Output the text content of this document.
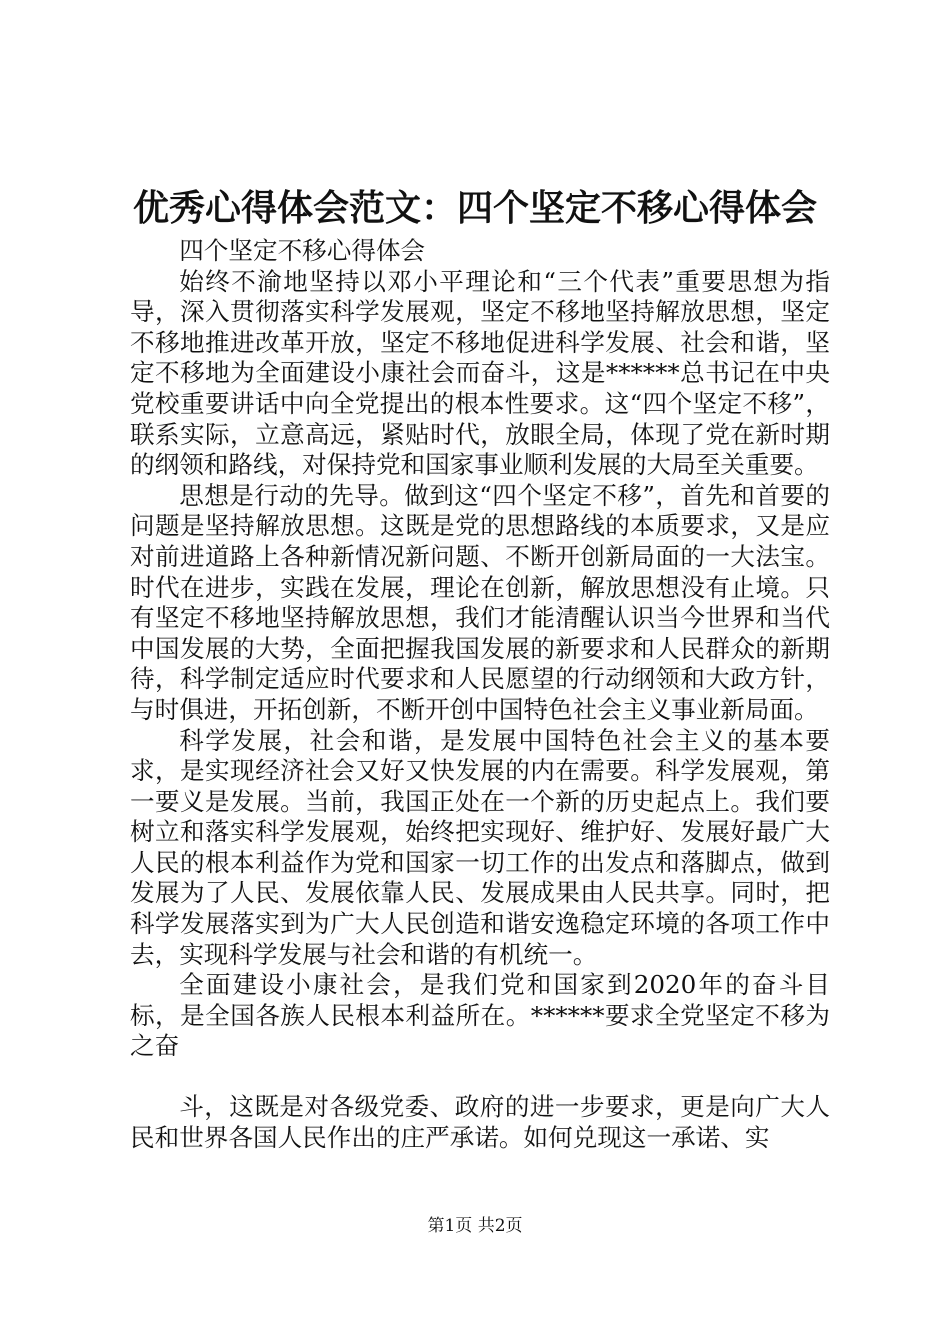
优秀心得体会范文：四个坚定不移心得体会

四个坚定不移心得体会

始终不渝地坚持以邓小平理论和“三个代表”重要思想为指导，深入贯彻落实科学发展观，坚定不移地坚持解放思想，坚定不移地推进改革开放，坚定不移地促进科学发展、社会和谐，坚定不移地为全面建设小康社会而奋斗，这是******总书记在中央党校重要讲话中向全党提出的根本性要求。这“四个坚定不移”，联系实际，立意高远，紧贴时代，放眼全局，体现了党在新时期的纲领和路线，对保持党和国家事业顺利发展的大局至关重要。

思想是行动的先导。做到这“四个坚定不移”，首先和首要的问题是坚持解放思想。这既是党的思想路线的本质要求，又是应对前进道路上各种新情况新问题、不断开创新局面的一大法宝。时代在进步，实践在发展，理论在创新，解放思想没有止境。只有坚定不移地坚持解放思想，我们才能清醒认识当今世界和当代中国发展的大势，全面把握我国发展的新要求和人民群众的新期待，科学制定适应时代要求和人民愿望的行动纲领和大政方针，与时俱进，开拓创新，不断开创中国特色社会主义事业新局面。

科学发展，社会和谐，是发展中国特色社会主义的基本要求，是实现经济社会又好又快发展的内在需要。科学发展观，第一要义是发展。当前，我国正处在一个新的历史起点上。我们要树立和落实科学发展观，始终把实现好、维护好、发展好最广大人民的根本利益作为党和国家一切工作的出发点和落脚点，做到发展为了人民、发展依靠人民、发展成果由人民共享。同时，把科学发展落实到为广大人民创造和谐安逸稳定环境的各项工作中去，实现科学发展与社会和谐的有机统一。

全面建设小康社会，是我们党和国家到2020年的奋斗目标，是全国各族人民根本利益所在。******要求全党坚定不移为之奋

斗，这既是对各级党委、政府的进一步要求，更是向广大人民和世界各国人民作出的庄严承诺。如何兑现这一承诺、实

第1页 共2页
